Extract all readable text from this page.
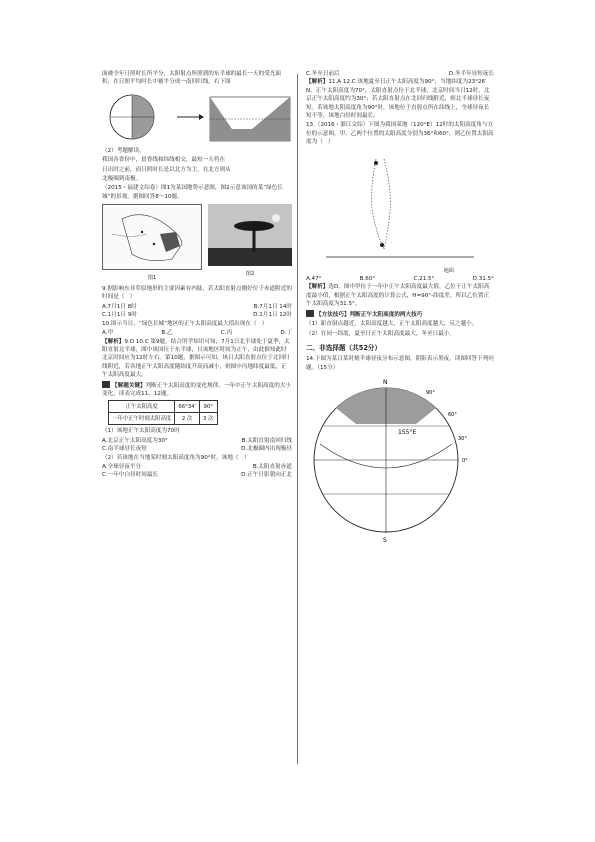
面被全年日照时长所平分，太阳射点所照到的东半球的最长一天的受光面积，在日照平均时长中被平分成一南回归线，右下图

（2）考题解读，

我国各省份中，晨昏线和纬线相交，最短一天将在

日出时之前，而日照时长是以北方为主，在北方则从

北极圈到南极。

（2015・福建文综卷）图1为某国地势示意图，图2示意该国的某“绿色长城”的景观。据图回答8～10题。

图1
图2

9.据影响东非草原地形的主要因素有内陆，若太阳直射点刚好位于赤道附近的时间是（   ）

A.7月1日 8时	B.7月1日 14时
C.1月1日 9时	D.1月1日 12时

10.图示当日，“绿色长城”地区的正午太阳高度最大值出现在（   ）

A.甲	B.乙	C.丙	D.丁

【解析】9.D 10.C 第9题，结合所学知识可知，7月1日北半球处于夏季，太阳直射北半球，图中该国位于东半球，且该地区时间为正午，由此推知此时北京时间应为12时左右。第10题，据图示可知，该日太阳直射点位于北回归线附近，若各地正午太阳高度随纬度升高而减小，则图中丙地纬度最低，正午太阳高度最大。

【解题关键】判断正午太阳高度的变化规律，一年中正午太阳高度的大小变化，读表完成11、12题。

正午太阳高度	66°34′	90°
一年中正午时刻太阳高度	2 次	3 次

（1）该地正午太阳高度为70时

A.北京正午太阳高度为30°	B.太阳直射南回归线
C.南半球昼长夜短	D.北极圈内出现极昼

（2）若该地在当地某时刻太阳高度角为90°时，该地（   ）

A.全球昼夜平分	B.太阳直射赤道
C.一年中白昼时间最长	D.正午日影朝向正北
C.冬至日前后	D.冬半年昼短夜长

【解析】11.A 12.C 该地夏至日正午太阳高度为90°，当地纬度为23°26′N，正午太阳高度为70°，太阳直射点位于北半球，北京时间当日12时，北京正午太阳高度约为30°；若太阳直射点在北回归线附近，则北半球昼长夜短。若该地太阳高度角为90°时，该地位于直射点所在纬线上，全球昼夜长短不等，该地白昼时间最长。

13.（2016・浙江文综）下图为我国某地（120°E）12时的太阳高度角与方位的示意图，甲、乙两个位置的太阳高度分别为36°和60°，则乙位置太阳高度为（   ）

地面
A.47°	B.60°	C.21.5°	D.31.5°

【解析】选D。图中甲位于一年中正午太阳高度最大值，乙位于正午太阳高度最小值，根据正午太阳高度的计算公式，H=90°-纬度差，所以乙位置正午太阳高度为31.5°。

【方法技巧】判断正午太阳高度的两大技巧

（1）距直射点越近，太阳高度越大，正午太阳高度越大，反之越小。

（2）在同一纬度，夏至日正午太阳高度最大，冬至日最小。

二、非选择题（共52分）

14.下图为某日某时刻半球昼夜分布示意图，阴影表示黑夜，读图回答下列问题。（15分）

N
S
155°E
0°
30°
60°
90°
